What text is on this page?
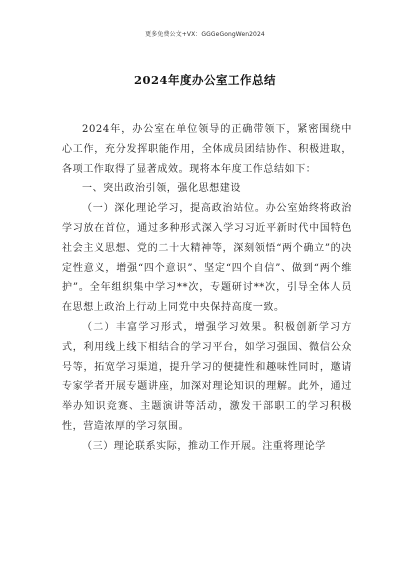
更多免费公文+VX：GGGeGongWen2024
2024年度办公室工作总结

2024年，办公室在单位领导的正确带领下，紧密围绕中心工作，充分发挥职能作用，全体成员团结协作、积极进取，各项工作取得了显著成效。现将本年度工作总结如下：

一、突出政治引领，强化思想建设

（一）深化理论学习，提高政治站位。办公室始终将政治学习放在首位，通过多种形式深入学习习近平新时代中国特色社会主义思想、党的二十大精神等，深刻领悟“两个确立”的决定性意义，增强“四个意识”、坚定“四个自信”、做到“两个维护”。全年组织集中学习**次，专题研讨**次，引导全体人员在思想上政治上行动上同党中央保持高度一致。

（二）丰富学习形式，增强学习效果。积极创新学习方式，利用线上线下相结合的学习平台，如学习强国、微信公众号等，拓宽学习渠道，提升学习的便捷性和趣味性同时，邀请专家学者开展专题讲座，加深对理论知识的理解。此外，通过举办知识竞赛、主题演讲等活动，激发干部职工的学习积极性，营造浓厚的学习氛围。

（三）理论联系实际，推动工作开展。注重将理论学
